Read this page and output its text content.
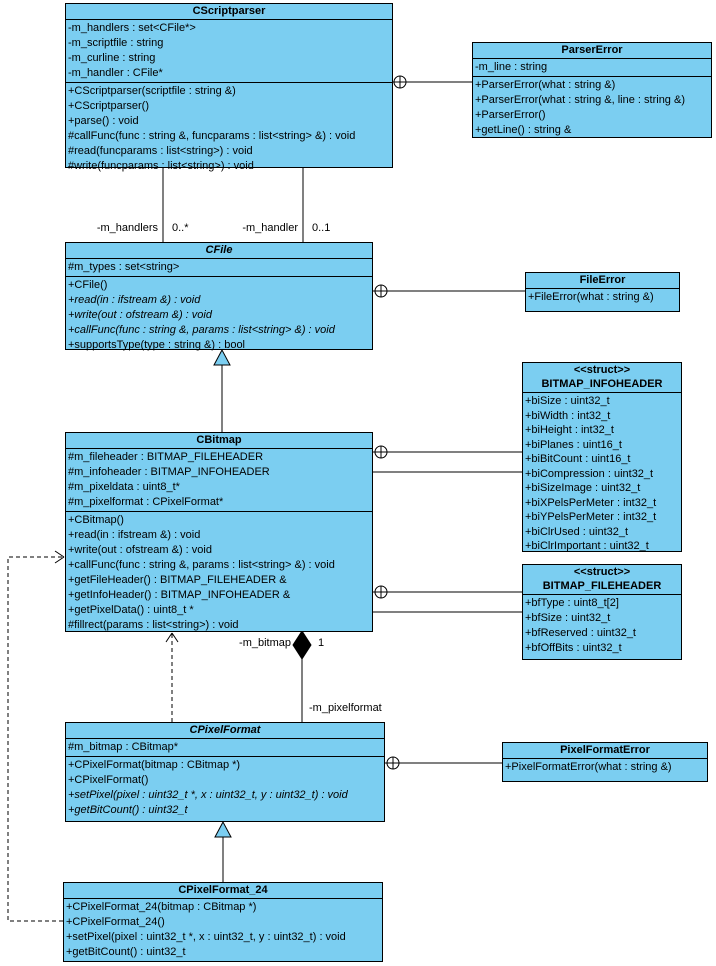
-m_handlers 0..*	-m_handler 0..1
-m_bitmap 1
-m_pixelformat
CScriptparser
-m_handlers : set<CFile*>
-m_scriptfile : string
-m_curline : string
-m_handler : CFile*
+CScriptparser(scriptfile : string &)
+CScriptparser()
+parse() : void
#callFunc(func : string &, funcparams : list<string> &) : void
#read(funcparams : list<string>) : void
#write(funcparams : list<string>) : void
ParserError
-m_line : string
+ParserError(what : string &)
+ParserError(what : string &, line : string &)
+ParserError()
+getLine() : string &
CFile
#m_types : set<string>
+CFile()
+read(in : ifstream &) : void
+write(out : ofstream &) : void
+callFunc(func : string &, params : list<string> &) : void
+supportsType(type : string &) : bool
FileError
+FileError(what : string &)
CBitmap
#m_fileheader : BITMAP_FILEHEADER
#m_infoheader : BITMAP_INFOHEADER
#m_pixeldata : uint8_t*
#m_pixelformat : CPixelFormat*
+CBitmap()
+read(in : ifstream &) : void
+write(out : ofstream &) : void
+callFunc(func : string &, params : list<string> &) : void
+getFileHeader() : BITMAP_FILEHEADER &
+getInfoHeader() : BITMAP_INFOHEADER &
+getPixelData() : uint8_t *
#fillrect(params : list<string>) : void
<<struct>>
BITMAP_INFOHEADER
+biSize : uint32_t
+biWidth : int32_t
+biHeight : int32_t
+biPlanes : uint16_t
+biBitCount : uint16_t
+biCompression : uint32_t
+biSizeImage : uint32_t
+biXPelsPerMeter : int32_t
+biYPelsPerMeter : int32_t
+biClrUsed : uint32_t
+biClrImportant : uint32_t
<<struct>>
BITMAP_FILEHEADER
+bfType : uint8_t[2]
+bfSize : uint32_t
+bfReserved : uint32_t
+bfOffBits : uint32_t
CPixelFormat
#m_bitmap : CBitmap*
+CPixelFormat(bitmap : CBitmap *)
+CPixelFormat()
+setPixel(pixel : uint32_t *, x : uint32_t, y : uint32_t) : void
+getBitCount() : uint32_t
PixelFormatError
+PixelFormatError(what : string &)
CPixelFormat_24
+CPixelFormat_24(bitmap : CBitmap *)
+CPixelFormat_24()
+setPixel(pixel : uint32_t *, x : uint32_t, y : uint32_t) : void
+getBitCount() : uint32_t
